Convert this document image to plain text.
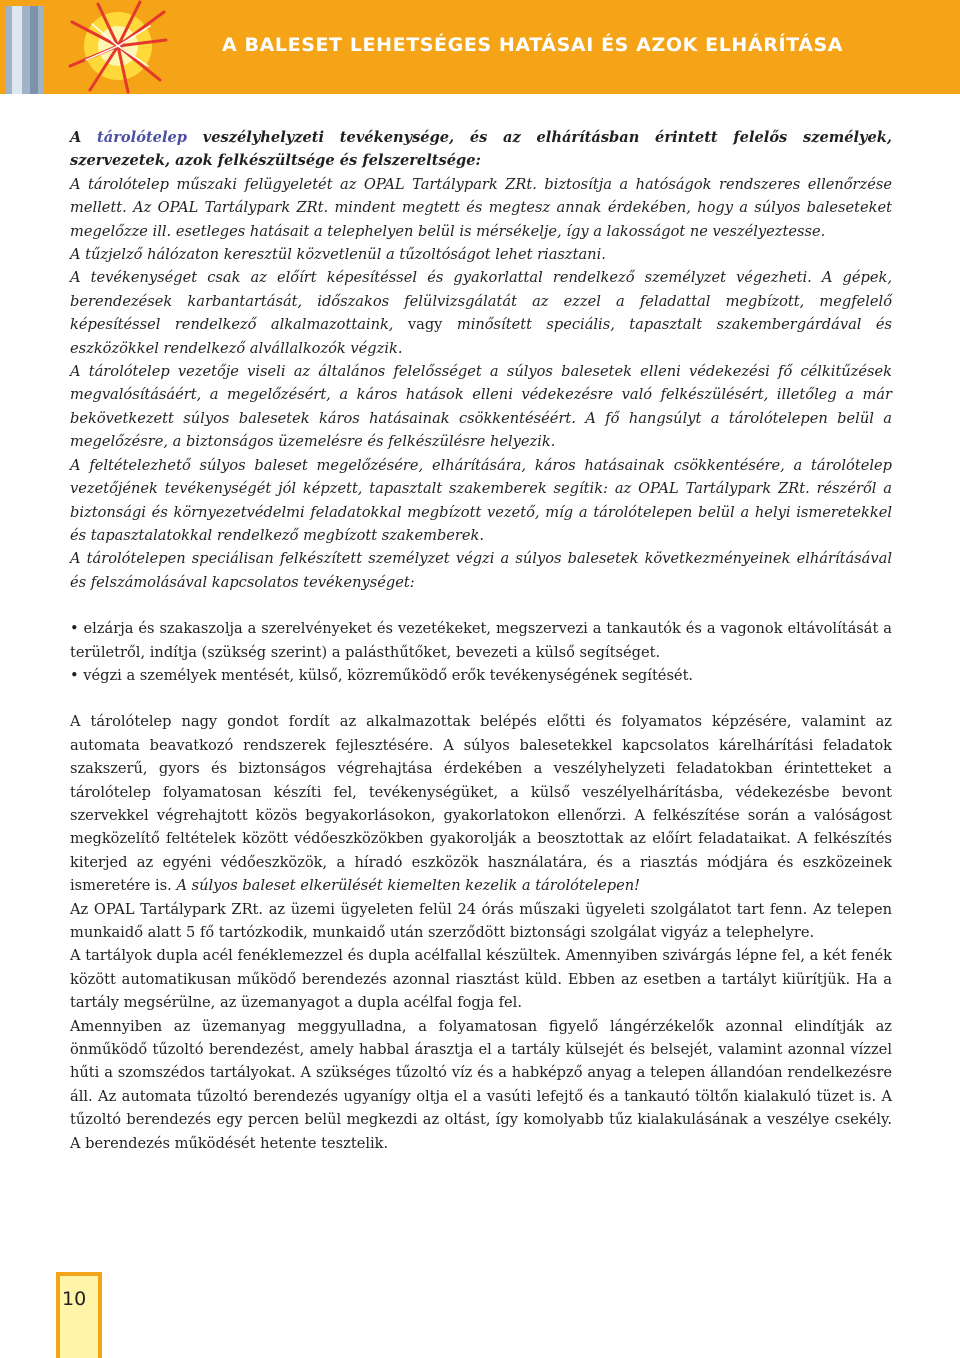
A BALESET LEHETSÉGES HATÁSAI ÉS AZOK ELHÁRÍTÁSA

A tárolótelep veszélyhelyzeti tevékenysége, és az elhárításban érintett felelős személyek, szervezetek, azok felkészültsége és felszereltsége:

A tárolótelep műszaki felügyeletét az OPAL Tartálypark ZRt. biztosítja a hatóságok rendszeres ellenőrzése mellett. Az OPAL Tartálypark ZRt. mindent megtett és megtesz annak érdekében, hogy a súlyos baleseteket megelőzze ill. esetleges hatásait a telephelyen belül is mérsékelje, így a lakosságot ne veszélyeztesse.

A tűzjelző hálózaton keresztül közvetlenül a tűzoltóságot lehet riasztani.

A tevékenységet csak az előírt képesítéssel és gyakorlattal rendelkező személyzet végezheti. A gépek, berendezések karbantartását, időszakos felülvizsgálatát az ezzel a feladattal megbízott, megfelelő képesítéssel rendelkező alkalmazottaink, vagy minősített speciális, tapasztalt szakembergárdával és eszközökkel rendelkező alvállalkozók végzik.

A tárolótelep vezetője viseli az általános felelősséget a súlyos balesetek elleni védekezési fő célkitűzések megvalósításáért, a megelőzésért, a káros hatások elleni védekezésre való felkészülésért, illetőleg a már bekövetkezett súlyos balesetek káros hatásainak csökkentéséért. A fő hangsúlyt a tárolótelepen belül a megelőzésre, a biztonságos üzemelésre és felkészülésre helyezik.

A feltételezhető súlyos baleset megelőzésére, elhárítására, káros hatásainak csökkentésére, a tárolótelep vezetőjének tevékenységét jól képzett, tapasztalt szakemberek segítik: az OPAL Tartálypark ZRt. részéről a biztonsági és környezetvédelmi feladatokkal megbízott vezető, míg a tárolótelepen belül a helyi ismeretekkel és tapasztalatokkal rendelkező megbízott szakemberek.

A tárolótelepen speciálisan felkészített személyzet végzi a súlyos balesetek következményeinek elhárításával és felszámolásával kapcsolatos tevékenységet:

• elzárja és szakaszolja a szerelvényeket és vezetékeket, megszervezi a tankautók és a vagonok eltávolítását a területről, indítja (szükség szerint) a palásthűtőket, bevezeti a külső segítséget.
• végzi a személyek mentését, külső, közreműködő erők tevékenységének segítését.

A tárolótelep nagy gondot fordít az alkalmazottak belépés előtti és folyamatos képzésére, valamint az automata beavatkozó rendszerek fejlesztésére. A súlyos balesetekkel kapcsolatos kárelhárítási feladatok szakszerű, gyors és biztonságos végrehajtása érdekében a veszélyhelyzeti feladatokban érintetteket a tárolótelep folyamatosan készíti fel, tevékenységüket, a külső veszélyelhárításba, védekezésbe bevont szervekkel végrehajtott közös begyakorlásokon, gyakorlatokon ellenőrzi. A felkészítése során a valóságost megközelítő feltételek között védőeszközökben gyakorolják a beosztottak az előírt feladataikat. A felkészítés kiterjed az egyéni védőeszközök, a híradó eszközök használatára, és a riasztás módjára és eszközeinek ismeretére is. A súlyos baleset elkerülését kiemelten kezelik a tárolótelepen!

Az OPAL Tartálypark ZRt. az üzemi ügyeleten felül 24 órás műszaki ügyeleti szolgálatot tart fenn. Az telepen munkaidő alatt 5 fő tartózkodik, munkaidő után szerződött biztonsági szolgálat vigyáz a telephelyre.

A tartályok dupla acél fenéklemezzel és dupla acélfallal készültek. Amennyiben szivárgás lépne fel, a két fenék között automatikusan működő berendezés azonnal riasztást küld. Ebben az esetben a tartályt kiürítjük. Ha a tartály megsérülne, az üzemanyagot a dupla acélfal fogja fel.

Amennyiben az üzemanyag meggyulladna, a folyamatosan figyelő lángérzékelők azonnal elindítják az önműködő tűzoltó berendezést, amely habbal árasztja el a tartály külsejét és belsejét, valamint azonnal vízzel hűti a szomszédos tartályokat. A szükséges tűzoltó víz és a habképző anyag a telepen állandóan rendelkezésre áll. Az automata tűzoltó berendezés ugyanígy oltja el a vasúti lefejtő és a tankautó töltőn kialakuló tüzet is. A tűzoltó berendezés egy percen belül megkezdi az oltást, így komolyabb tűz kialakulásának a veszélye csekély. A berendezés működését hetente tesztelik.

10
